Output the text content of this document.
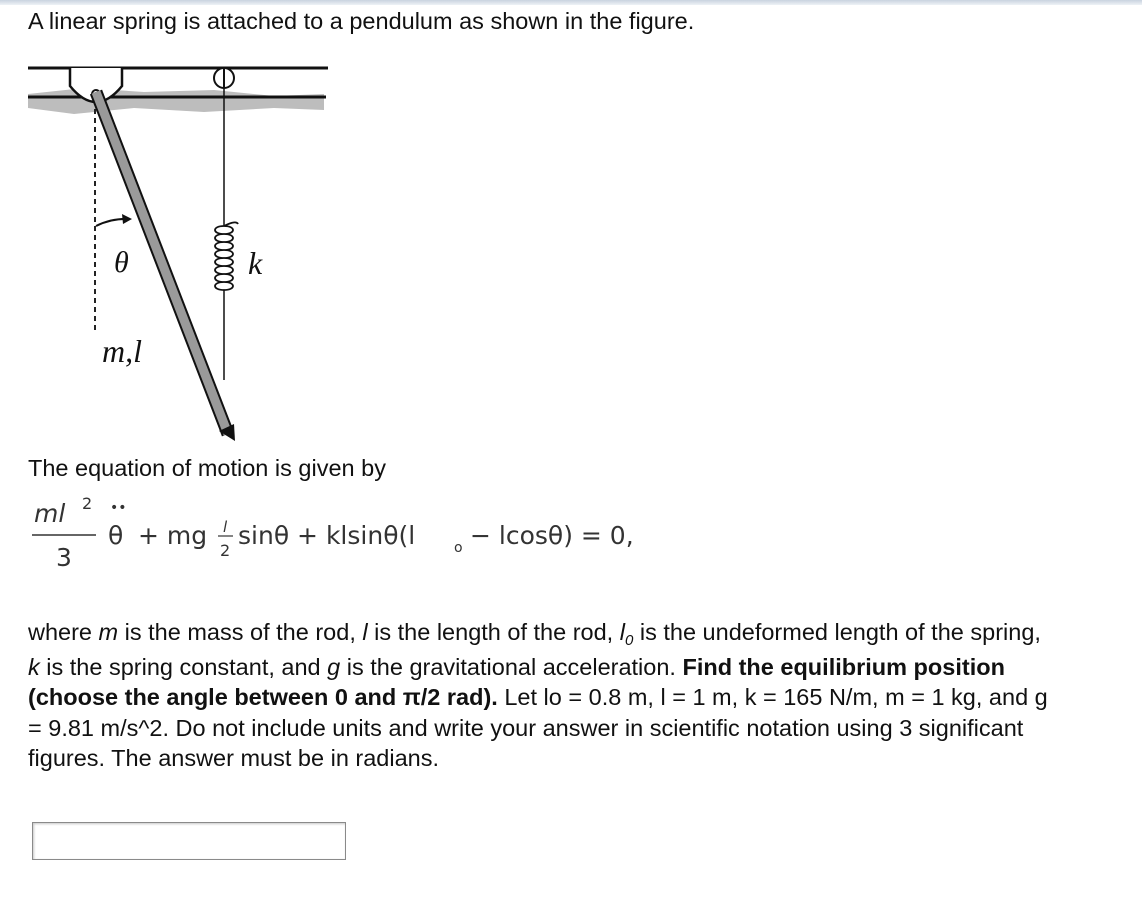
A linear spring is attached to a pendulum as shown in the figure.
θ
m,l
k
The equation of motion is given by
ml 2
3
••
θ + mg l
2
sinθ + klsinθ(l	o − lcosθ) = 0,
where m is the mass of the rod, l is the length of the rod, $l_0$ is the undeformed length of the spring, k is the spring constant, and g is the gravitational acceleration. Find the equilibrium position (choose the angle between 0 and π/2 rad). Let lo = 0.8 m, l = 1 m, k = 165 N/m, m = 1 kg, and g = 9.81 m/s^2. Do not include units and write your answer in scientific notation using 3 significant figures. The answer must be in radians.
